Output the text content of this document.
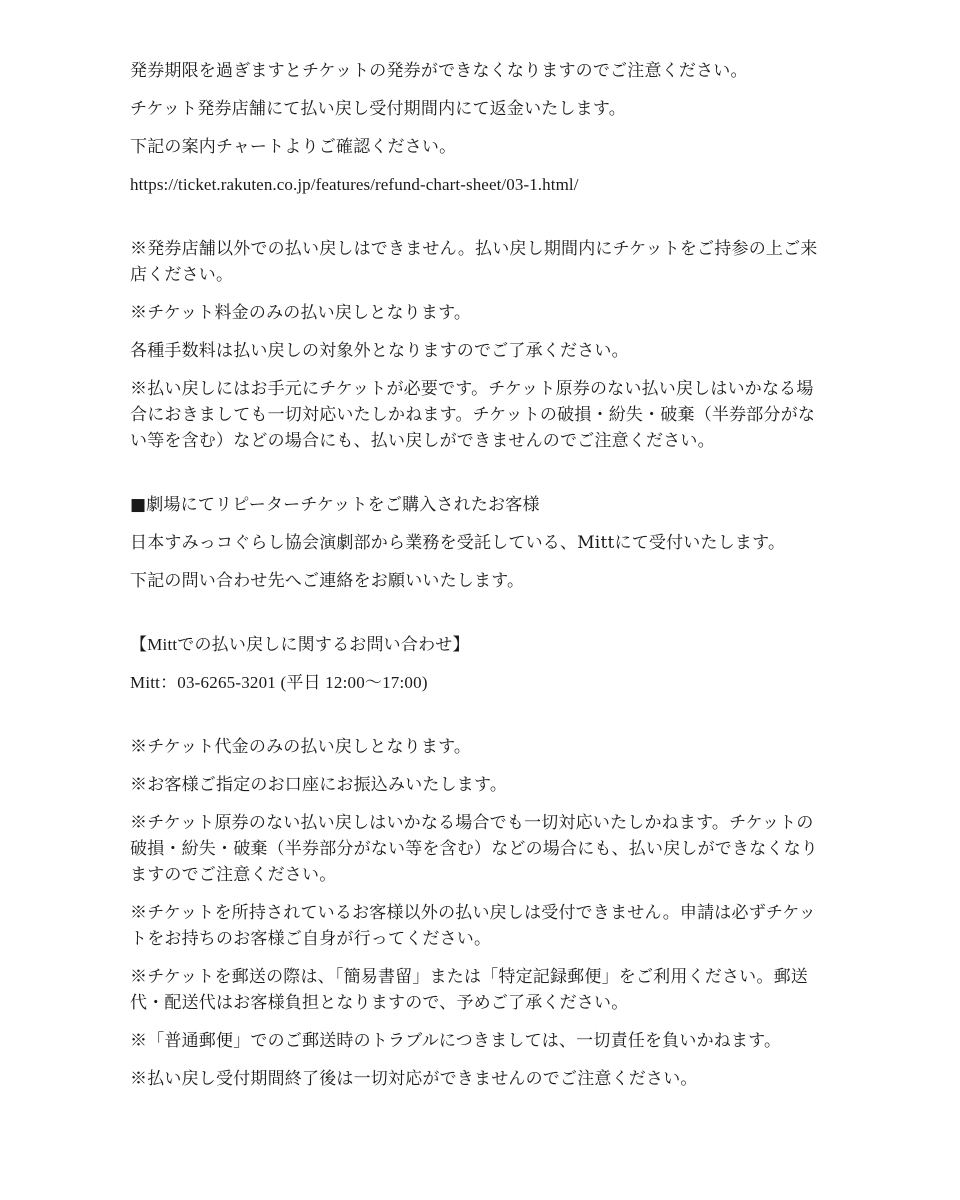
発券期限を過ぎますとチケットの発券ができなくなりますのでご注意ください。

チケット発券店舗にて払い戻し受付期間内にて返金いたします。

下記の案内チャートよりご確認ください。

https://ticket.rakuten.co.jp/features/refund-chart-sheet/03-1.html/

※発券店舗以外での払い戻しはできません。払い戻し期間内にチケットをご持参の上ご来店ください。

※チケット料金のみの払い戻しとなります。

各種手数料は払い戻しの対象外となりますのでご了承ください。

※払い戻しにはお手元にチケットが必要です。チケット原券のない払い戻しはいかなる場合におきましても一切対応いたしかねます。チケットの破損・紛失・破棄（半券部分がない等を含む）などの場合にも、払い戻しができませんのでご注意ください。

■劇場にてリピーターチケットをご購入されたお客様

日本すみっコぐらし協会演劇部から業務を受託している、Mittにて受付いたします。

下記の問い合わせ先へご連絡をお願いいたします。

【Mittでの払い戻しに関するお問い合わせ】

Mitt：03-6265-3201 (平日 12:00〜17:00)

※チケット代金のみの払い戻しとなります。

※お客様ご指定のお口座にお振込みいたします。

※チケット原券のない払い戻しはいかなる場合でも一切対応いたしかねます。チケットの破損・紛失・破棄（半券部分がない等を含む）などの場合にも、払い戻しができなくなりますのでご注意ください。

※チケットを所持されているお客様以外の払い戻しは受付できません。申請は必ずチケットをお持ちのお客様ご自身が行ってください。

※チケットを郵送の際は、「簡易書留」または「特定記録郵便」をご利用ください。郵送代・配送代はお客様負担となりますので、予めご了承ください。

※「普通郵便」でのご郵送時のトラブルにつきましては、一切責任を負いかねます。

※払い戻し受付期間終了後は一切対応ができませんのでご注意ください。
